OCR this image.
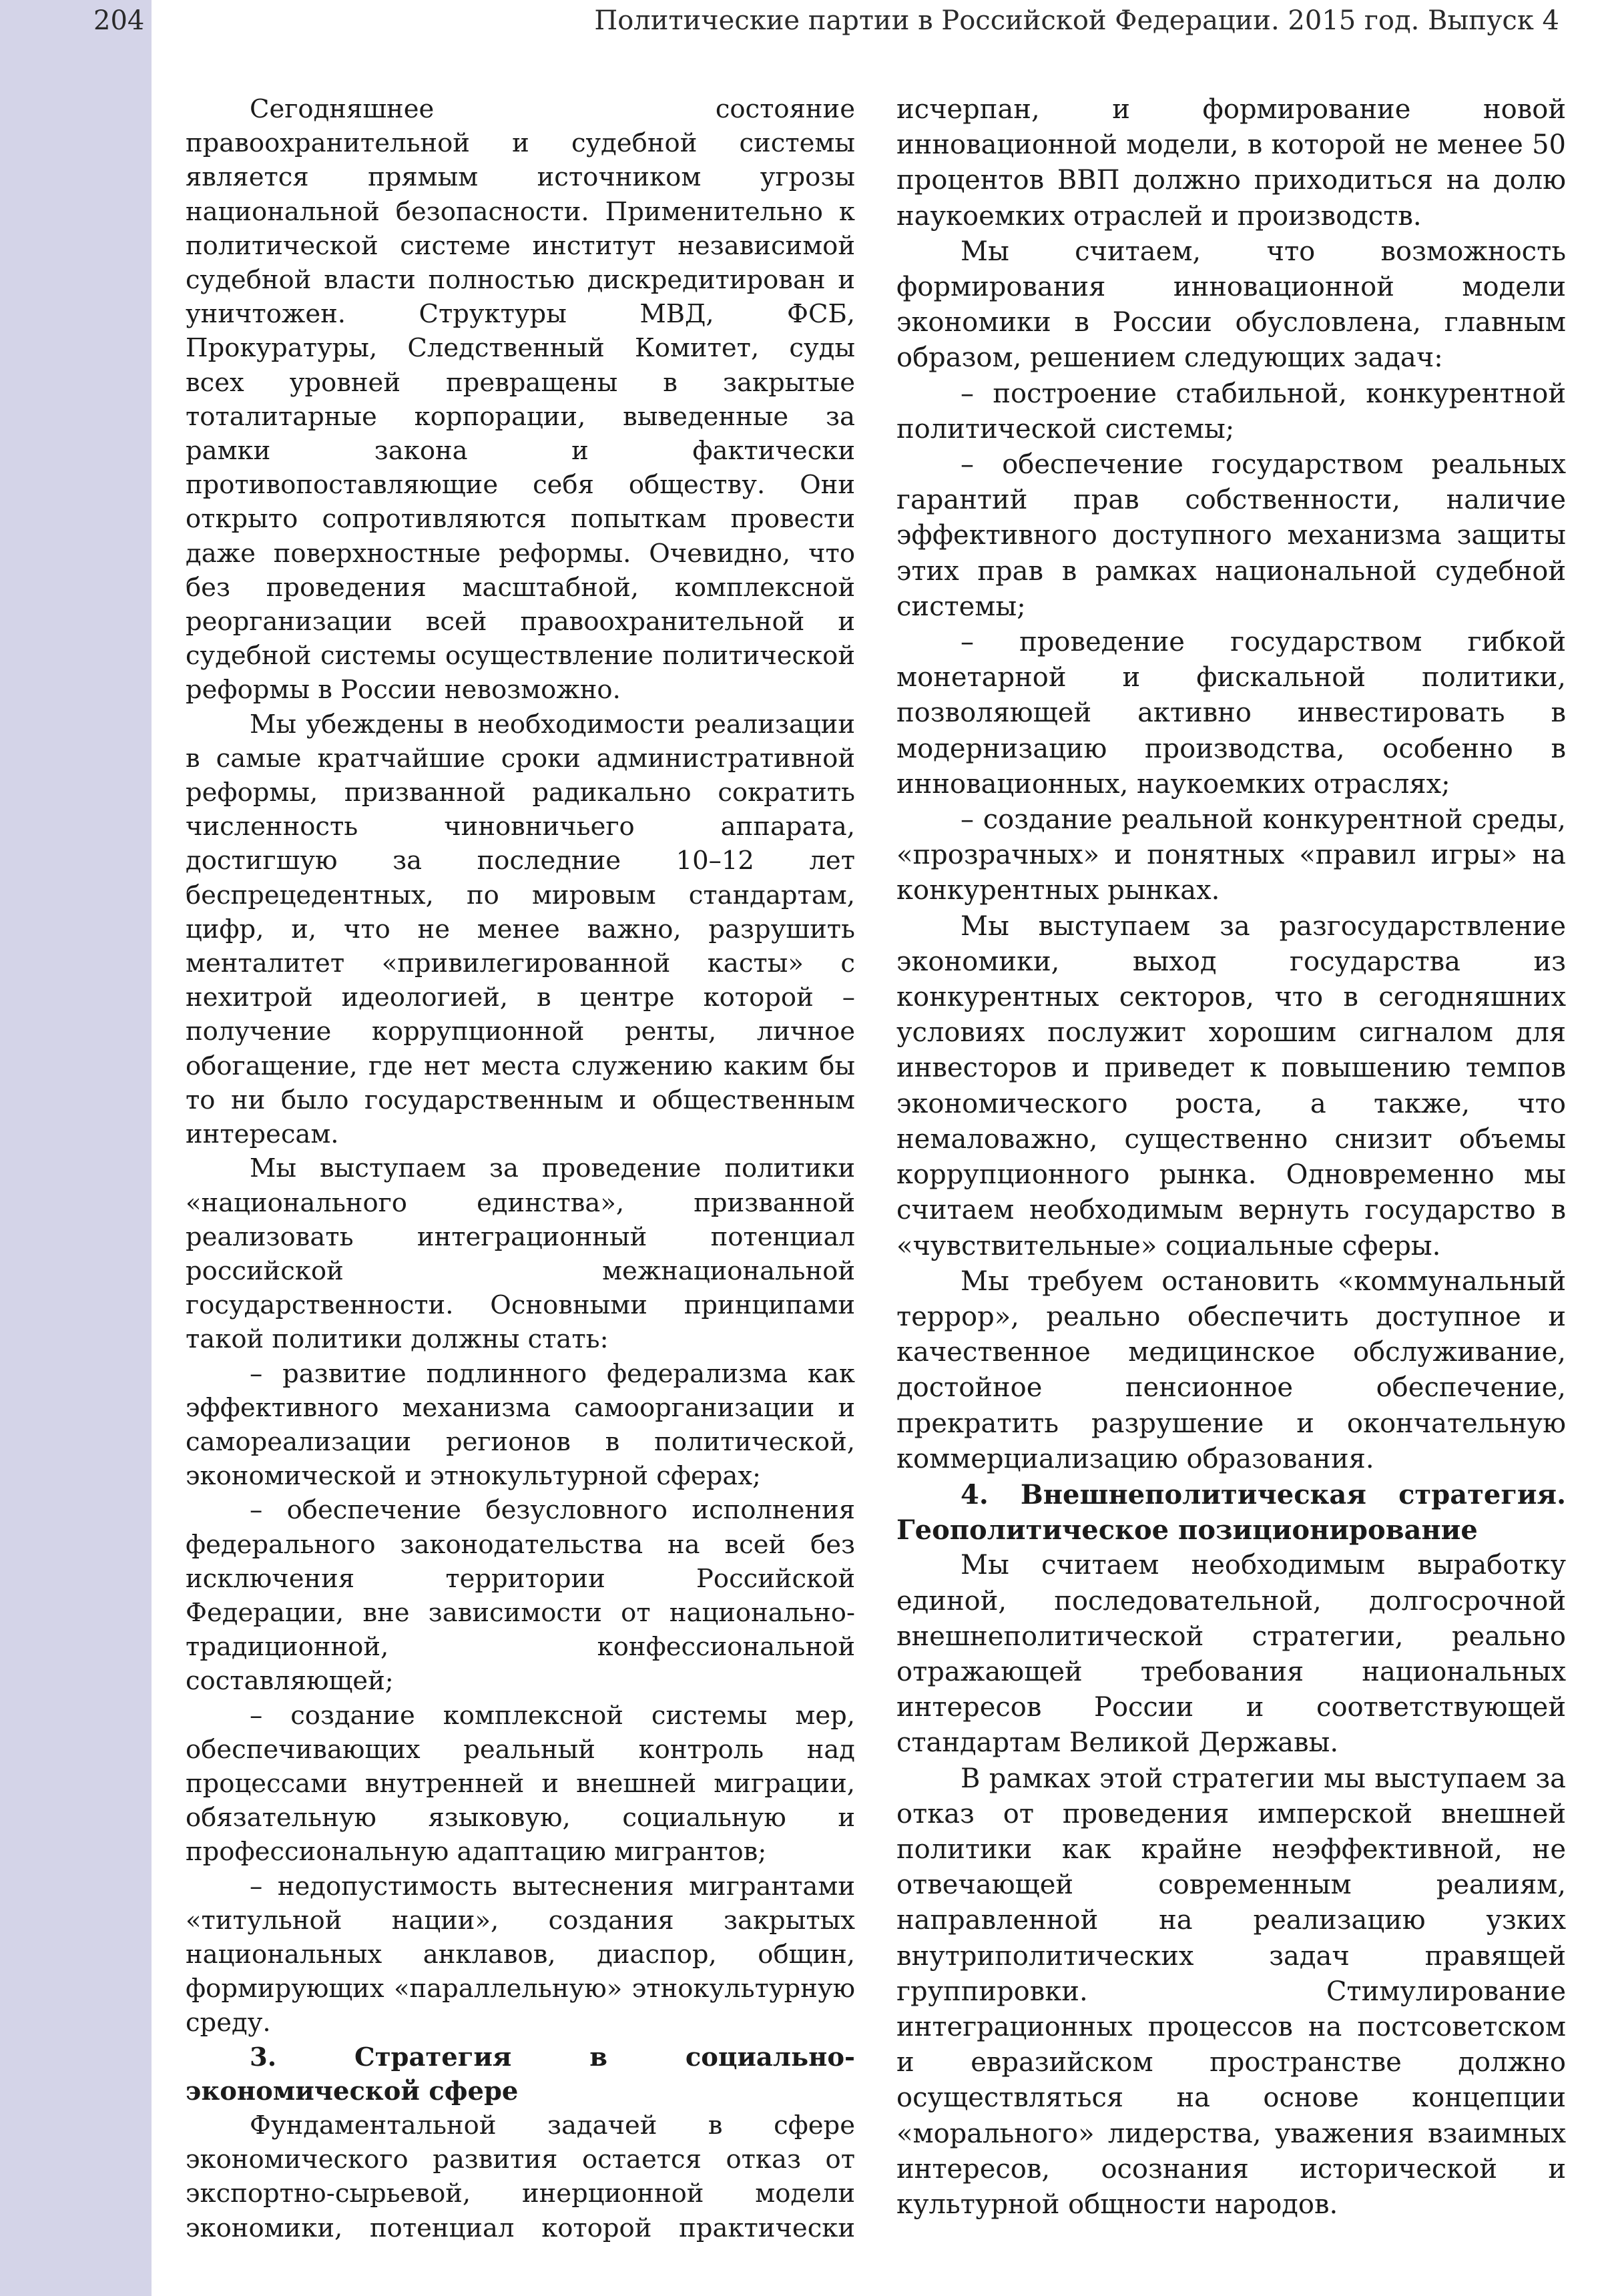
204	Политические партии в Российской Федерации. 2015 год. Выпуск 4

Сегодняшнее состояние правоохранительной и судебной системы является прямым источником угрозы национальной безопасности. Применительно к политической системе институт независимой судебной власти полностью дискредитирован и уничтожен. Структуры МВД, ФСБ, Прокуратуры, Следственный Комитет, суды всех уровней превращены в закрытые тоталитарные корпорации, выведенные за рамки закона и фактически противопоставляющие себя обществу. Они открыто сопротивляются попыткам провести даже поверхностные реформы. Очевидно, что без проведения масштабной, комплексной реорганизации всей правоохранительной и судебной системы осуществление политической реформы в России невозможно.

Мы убеждены в необходимости реализации в самые кратчайшие сроки административной реформы, призванной радикально сократить численность чиновничьего аппарата, достигшую за последние 10–12 лет беспрецедентных, по мировым стандартам, цифр, и, что не менее важно, разрушить менталитет «привилегированной касты» с нехитрой идеологией, в центре которой – получение коррупционной ренты, личное обогащение, где нет места служению каким бы то ни было государственным и общественным интересам.

Мы выступаем за проведение политики «национального единства», призванной реализовать интеграционный потенциал российской межнациональной государственности. Основными принципами такой политики должны стать:

– развитие подлинного федерализма как эффективного механизма самоорганизации и самореализации регионов в политической, экономической и этнокультурной сферах;

– обеспечение безусловного исполнения федерального законодательства на всей без исключения территории Российской Федерации, вне зависимости от национально-традиционной, конфессиональной составляющей;

– создание комплексной системы мер, обеспечивающих реальный контроль над процессами внутренней и внешней миграции, обязательную языковую, социальную и профессиональную адаптацию мигрантов;

– недопустимость вытеснения мигрантами «титульной нации», создания закрытых национальных анклавов, диаспор, общин, формирующих «параллельную» этнокультурную среду.

3. Стратегия в социально-экономической сфере

Фундаментальной задачей в сфере экономического развития остается отказ от экспортно-сырьевой, инерционной модели экономики, потенциал которой практически

исчерпан, и формирование новой инновационной модели, в которой не менее 50 процентов ВВП должно приходиться на долю наукоемких отраслей и производств.

Мы считаем, что возможность формирования инновационной модели экономики в России обусловлена, главным образом, решением следующих задач:

– построение стабильной, конкурентной политической системы;

– обеспечение государством реальных гарантий прав собственности, наличие эффективного доступного механизма защиты этих прав в рамках национальной судебной системы;

– проведение государством гибкой монетарной и фискальной политики, позволяющей активно инвестировать в модернизацию производства, особенно в инновационных, наукоемких отраслях;

– создание реальной конкурентной среды, «прозрачных» и понятных «правил игры» на конкурентных рынках.

Мы выступаем за разгосударствление экономики, выход государства из конкурентных секторов, что в сегодняшних условиях послужит хорошим сигналом для инвесторов и приведет к повышению темпов экономического роста, а также, что немаловажно, существенно снизит объемы коррупционного рынка. Одновременно мы считаем необходимым вернуть государство в «чувствительные» социальные сферы.

Мы требуем остановить «коммунальный террор», реально обеспечить доступное и качественное медицинское обслуживание, достойное пенсионное обеспечение, прекратить разрушение и окончательную коммерциализацию образования.

4. Внешнеполитическая стратегия. Геополитическое позиционирование

Мы считаем необходимым выработку единой, последовательной, долгосрочной внешнеполитической стратегии, реально отражающей требования национальных интересов России и соответствующей стандартам Великой Державы.

В рамках этой стратегии мы выступаем за отказ от проведения имперской внешней политики как крайне неэффективной, не отвечающей современным реалиям, направленной на реализацию узких внутриполитических задач правящей группировки. Стимулирование интеграционных процессов на постсоветском и евразийском пространстве должно осуществляться на основе концепции «морального» лидерства, уважения взаимных интересов, осознания исторической и культурной общности народов.
